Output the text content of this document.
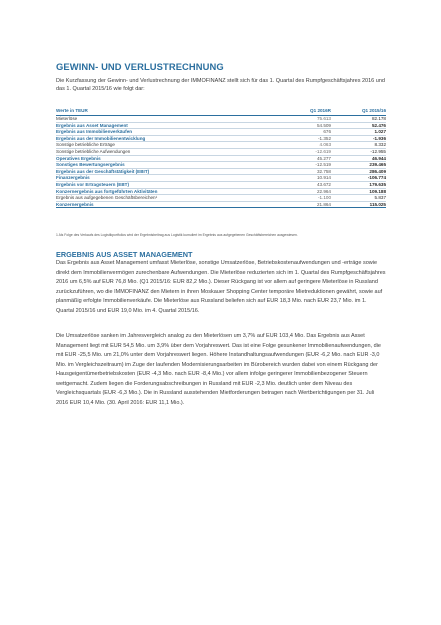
GEWINN- UND VERLUSTRECHNUNG

Die Kurzfassung der Gewinn- und Verlustrechnung der IMMOFINANZ stellt sich für das 1. Quartal des Rumpfgeschäftsjahres 2016 und das 1. Quartal 2015/16 wie folgt dar:

Werte in TEUR	Q1 2016R	Q1 2015/16
Mieterlöse	75.613	82.178
Ergebnis aus Asset Management	54.509	52.476
Ergebnis aus Immobilienverkäufen	676	1.027
Ergebnis aus der Immobilienentwicklung	-1.352	-1.936
Sonstige betriebliche Erträge	4.063	8.332
Sonstige betriebliche Aufwendungen	-12.619	-12.955
Operatives Ergebnis	45.277	46.944
Sonstiges Bewertungsergebnis	-12.519	239.465
Ergebnis aus der Geschäftstätigkeit (EBIT)	32.758	286.409
Finanzergebnis	10.914	-106.774
Ergebnis vor Ertragsteuern (EBT)	43.672	179.635
Konzernergebnis aus fortgeführten Aktivitäten	22.964	109.188
Ergebnis aus aufgegebenen Geschäftsbereichen¹	-1.100	5.837
Konzernergebnis	21.864	115.025

1 Als Folge des Verkaufs des Logistikportfolios wird der Ergebnisbeitrag aus Logistik kumuliert im Ergebnis aus aufgegebenen Geschäftsbereichen ausgewiesen.

ERGEBNIS AUS ASSET MANAGEMENT

Das Ergebnis aus Asset Management umfasst Mieterlöse, sonstige Umsatzerlöse, Betriebskostenaufwendungen und -erträge sowie direkt dem Immobilienvermögen zurechenbare Aufwendungen. Die Mieterlöse reduzierten sich im 1. Quartal des Rumpfgeschäftsjahres 2016 um 6,5% auf EUR 76,8 Mio. (Q1 2015/16: EUR 82,2 Mio.). Dieser Rückgang ist vor allem auf geringere Mieterlöse in Russland zurückzuführen, wo die IMMOFINANZ den Mietern in ihren Moskauer Shopping Center temporäre Mietreduktionen gewährt, sowie auf planmäßig erfolgte Immobilienverkäufe. Die Mieterlöse aus Russland beliefen sich auf EUR 18,3 Mio. nach EUR 23,7 Mio. im 1. Quartal 2015/16 und EUR 19,0 Mio. im 4. Quartal 2015/16.

Die Umsatzerlöse sanken im Jahresvergleich analog zu den Mieterlösen um 3,7% auf EUR 103,4 Mio. Das Ergebnis aus Asset Management liegt mit EUR 54,5 Mio. um 3,9% über dem Vorjahreswert. Das ist eine Folge gesunkener Immobilienaufwendungen, die mit EUR -25,5 Mio. um 21,0% unter dem Vorjahreswert liegen. Höhere Instandhaltungsaufwendungen (EUR -6,2 Mio. nach EUR -3,0 Mio. im Vergleichszeitraum) im Zuge der laufenden Modernisierungsarbeiten im Bürobereich wurden dabei von einem Rückgang der Hausgeigentümerbetriebskosten (EUR -4,3 Mio. nach EUR -8,4 Mio.) vor allem infolge geringerer Immobilienbezogener Steuern wettgemacht. Zudem liegen die Forderungsabschreibungen in Russland mit EUR -2,3 Mio. deutlich unter dem Niveau des Vergleichsquartals (EUR -6,3 Mio.). Die in Russland ausstehenden Mietforderungen betragen nach Wertberichtigungen per 31. Juli 2016 EUR 10,4 Mio. (30. April 2016: EUR 11,1 Mio.).
